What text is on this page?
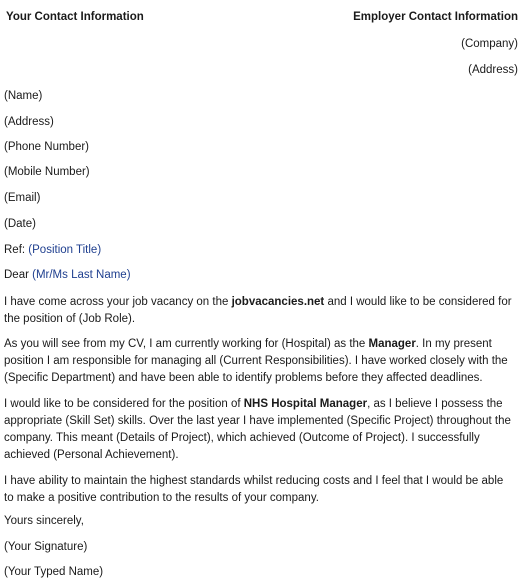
Your Contact Information	Employer Contact Information
(Company)
(Address)
(Name)
(Address)
(Phone Number)
(Mobile Number)
(Email)
(Date)
Ref: (Position Title)
Dear (Mr/Ms Last Name)
I have come across your job vacancy on the jobvacancies.net and I would like to be considered for the position of (Job Role).
As you will see from my CV, I am currently working for (Hospital) as the Manager. In my present position I am responsible for managing all (Current Responsibilities). I have worked closely with the (Specific Department) and have been able to identify problems before they affected deadlines.
I would like to be considered for the position of NHS Hospital Manager, as I believe I possess the appropriate (Skill Set) skills. Over the last year I have implemented (Specific Project) throughout the company. This meant (Details of Project), which achieved (Outcome of Project). I successfully achieved (Personal Achievement).
I have ability to maintain the highest standards whilst reducing costs and I feel that I would be able to make a positive contribution to the results of your company.
Yours sincerely,
(Your Signature)
(Your Typed Name)
